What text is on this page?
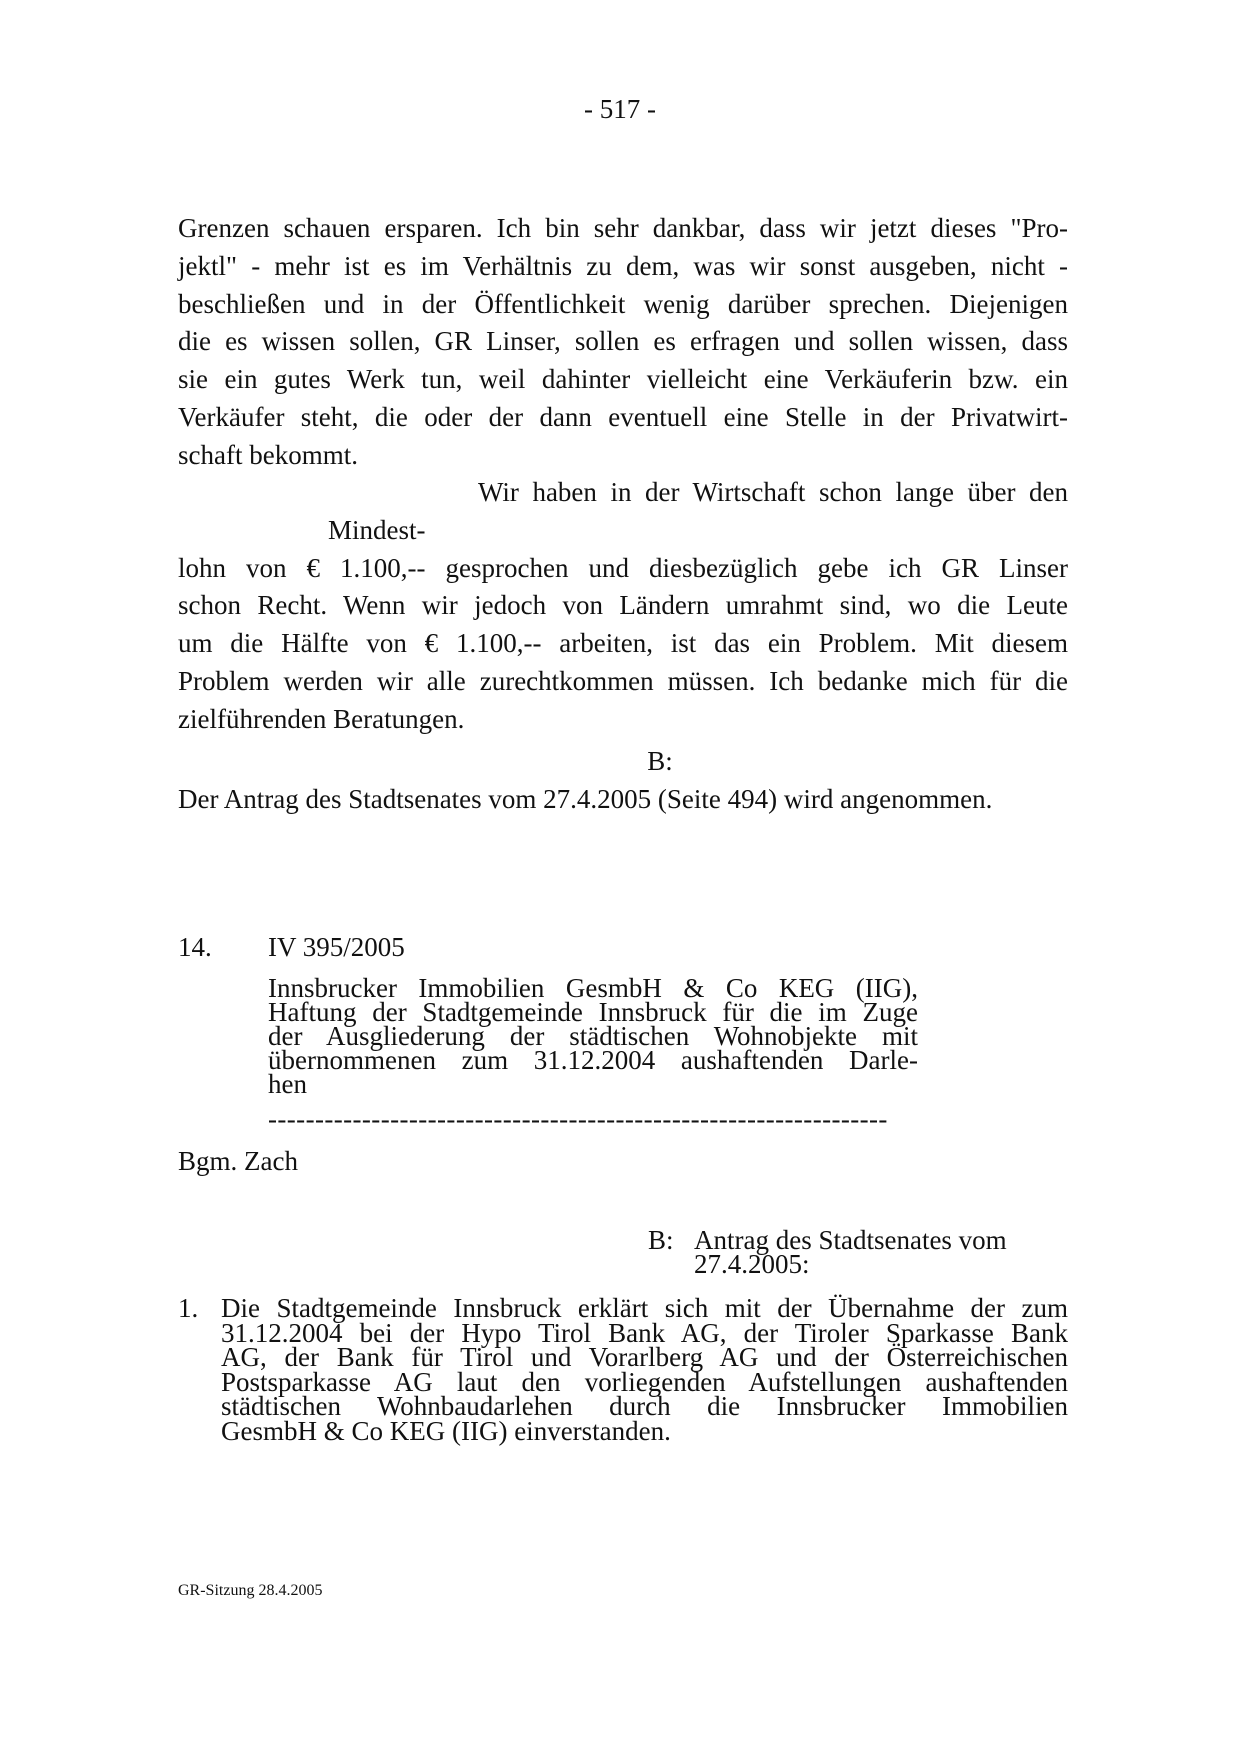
- 517 -
Grenzen schauen ersparen. Ich bin sehr dankbar, dass wir jetzt dieses "Pro-
jektl" - mehr ist es im Verhältnis zu dem, was wir sonst ausgeben, nicht -
beschließen und in der Öffentlichkeit wenig darüber sprechen. Diejenigen
die es wissen sollen, GR Linser, sollen es erfragen und sollen wissen, dass
sie ein gutes Werk tun, weil dahinter vielleicht eine Verkäuferin bzw. ein
Verkäufer steht, die oder der dann eventuell eine Stelle in der Privatwirt-
schaft bekommt.
Wir haben in der Wirtschaft schon lange über den Mindest-
lohn von € 1.100,-- gesprochen und diesbezüglich gebe ich GR Linser
schon Recht. Wenn wir jedoch von Ländern umrahmt sind, wo die Leute
um die Hälfte von € 1.100,-- arbeiten, ist das ein Problem. Mit diesem
Problem werden wir alle zurechtkommen müssen. Ich bedanke mich für die
zielführenden Beratungen.
B:
Der Antrag des Stadtsenates vom 27.4.2005 (Seite 494) wird angenommen.
14. IV 395/2005
Innsbrucker Immobilien GesmbH & Co KEG (IIG),
Haftung der Stadtgemeinde Innsbruck für die im Zuge
der Ausgliederung der städtischen Wohnobjekte mit
übernommenen zum 31.12.2004 aushaftenden Darle-
hen
------------------------------------------------------------------
Bgm. Zach
B: Antrag des Stadtsenates vom
27.4.2005:
1. Die Stadtgemeinde Innsbruck erklärt sich mit der Übernahme der zum
31.12.2004 bei der Hypo Tirol Bank AG, der Tiroler Sparkasse Bank
AG, der Bank für Tirol und Vorarlberg AG und der Österreichischen
Postsparkasse AG laut den vorliegenden Aufstellungen aushaftenden
städtischen Wohnbaudarlehen durch die Innsbrucker Immobilien
GesmbH & Co KEG (IIG) einverstanden.
GR-Sitzung 28.4.2005
